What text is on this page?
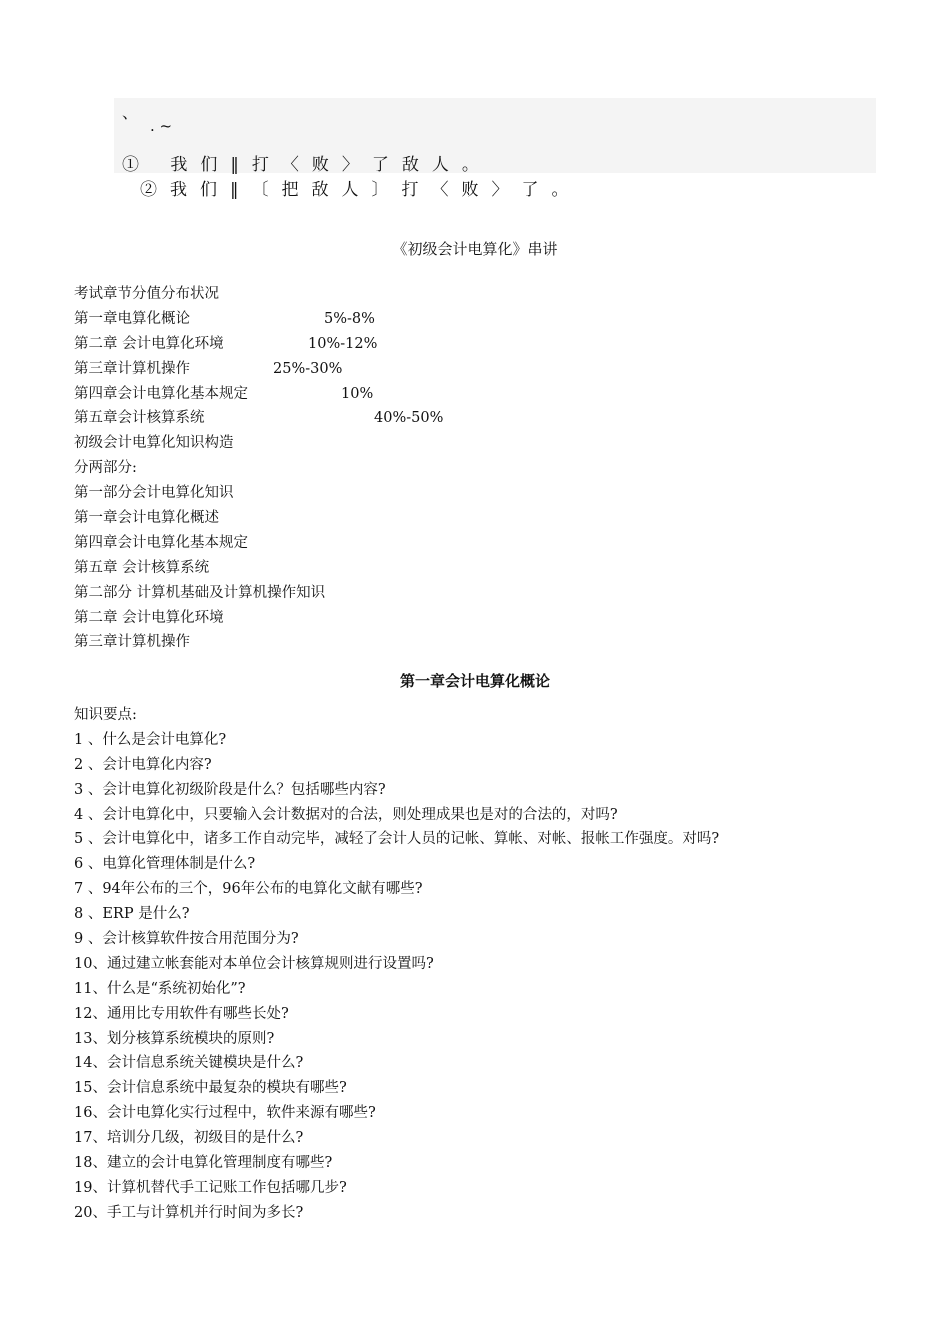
、
. ~
① 我们‖打〈败〉了敌人。
②我们‖〔把敌人〕打〈败〉了。
《初级会计电算化》串讲
考试章节分值分布状况
第一章电算化概论	5%-8%
第二章 会计电算化环境	10%-12%
第三章计算机操作	25%-30%
第四章会计电算化基本规定	10%
第五章会计核算系统	40%-50%
初级会计电算化知识构造
分两部分:
第一部分会计电算化知识
第一章会计电算化概述
第四章会计电算化基本规定
第五章 会计核算系统
第二部分 计算机基础及计算机操作知识
第二章 会计电算化环境
第三章计算机操作
第一章会计电算化概论
知识要点:
1 、什么是会计电算化?
2 、会计电算化内容?
3 、会计电算化初级阶段是什么？包括哪些内容?
4 、会计电算化中，只要输入会计数据对的合法，则处理成果也是对的合法的，对吗?
5 、会计电算化中，诸多工作自动完毕，减轻了会计人员的记帐、算帐、对帐、报帐工作强度。对吗?
6 、电算化管理体制是什么?
7 、94年公布的三个，96年公布的电算化文献有哪些?
8 、ERP 是什么?
9 、会计核算软件按合用范围分为?
10、通过建立帐套能对本单位会计核算规则进行设置吗?
11、什么是“系统初始化”?
12、通用比专用软件有哪些长处?
13、划分核算系统模块的原则?
14、会计信息系统关键模块是什么?
15、会计信息系统中最复杂的模块有哪些?
16、会计电算化实行过程中，软件来源有哪些?
17、培训分几级，初级目的是什么?
18、建立的会计电算化管理制度有哪些?
19、计算机替代手工记账工作包括哪几步?
20、手工与计算机并行时间为多长?
